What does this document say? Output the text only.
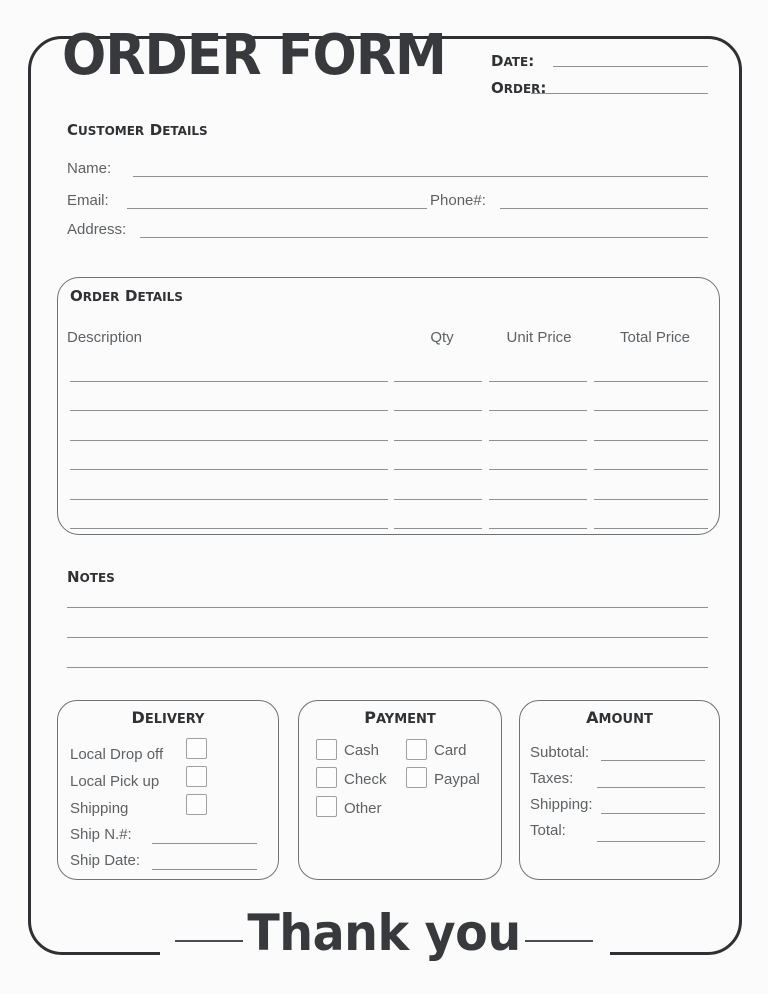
ORDER FORM	DATE:
ORDER:
CUSTOMER DETAILS
Name:
Email:	Phone#:
Address:
ORDER DETAILS
Description	Qty	Unit Price	Total Price
NOTES
DELIVERY
Local Drop off
Local Pick up
Shipping
Ship N.#:
Ship Date:
PAYMENT
Cash
Check
Other
Card
Paypal
AMOUNT
Subtotal:
Taxes:
Shipping:
Total:
Thank you
